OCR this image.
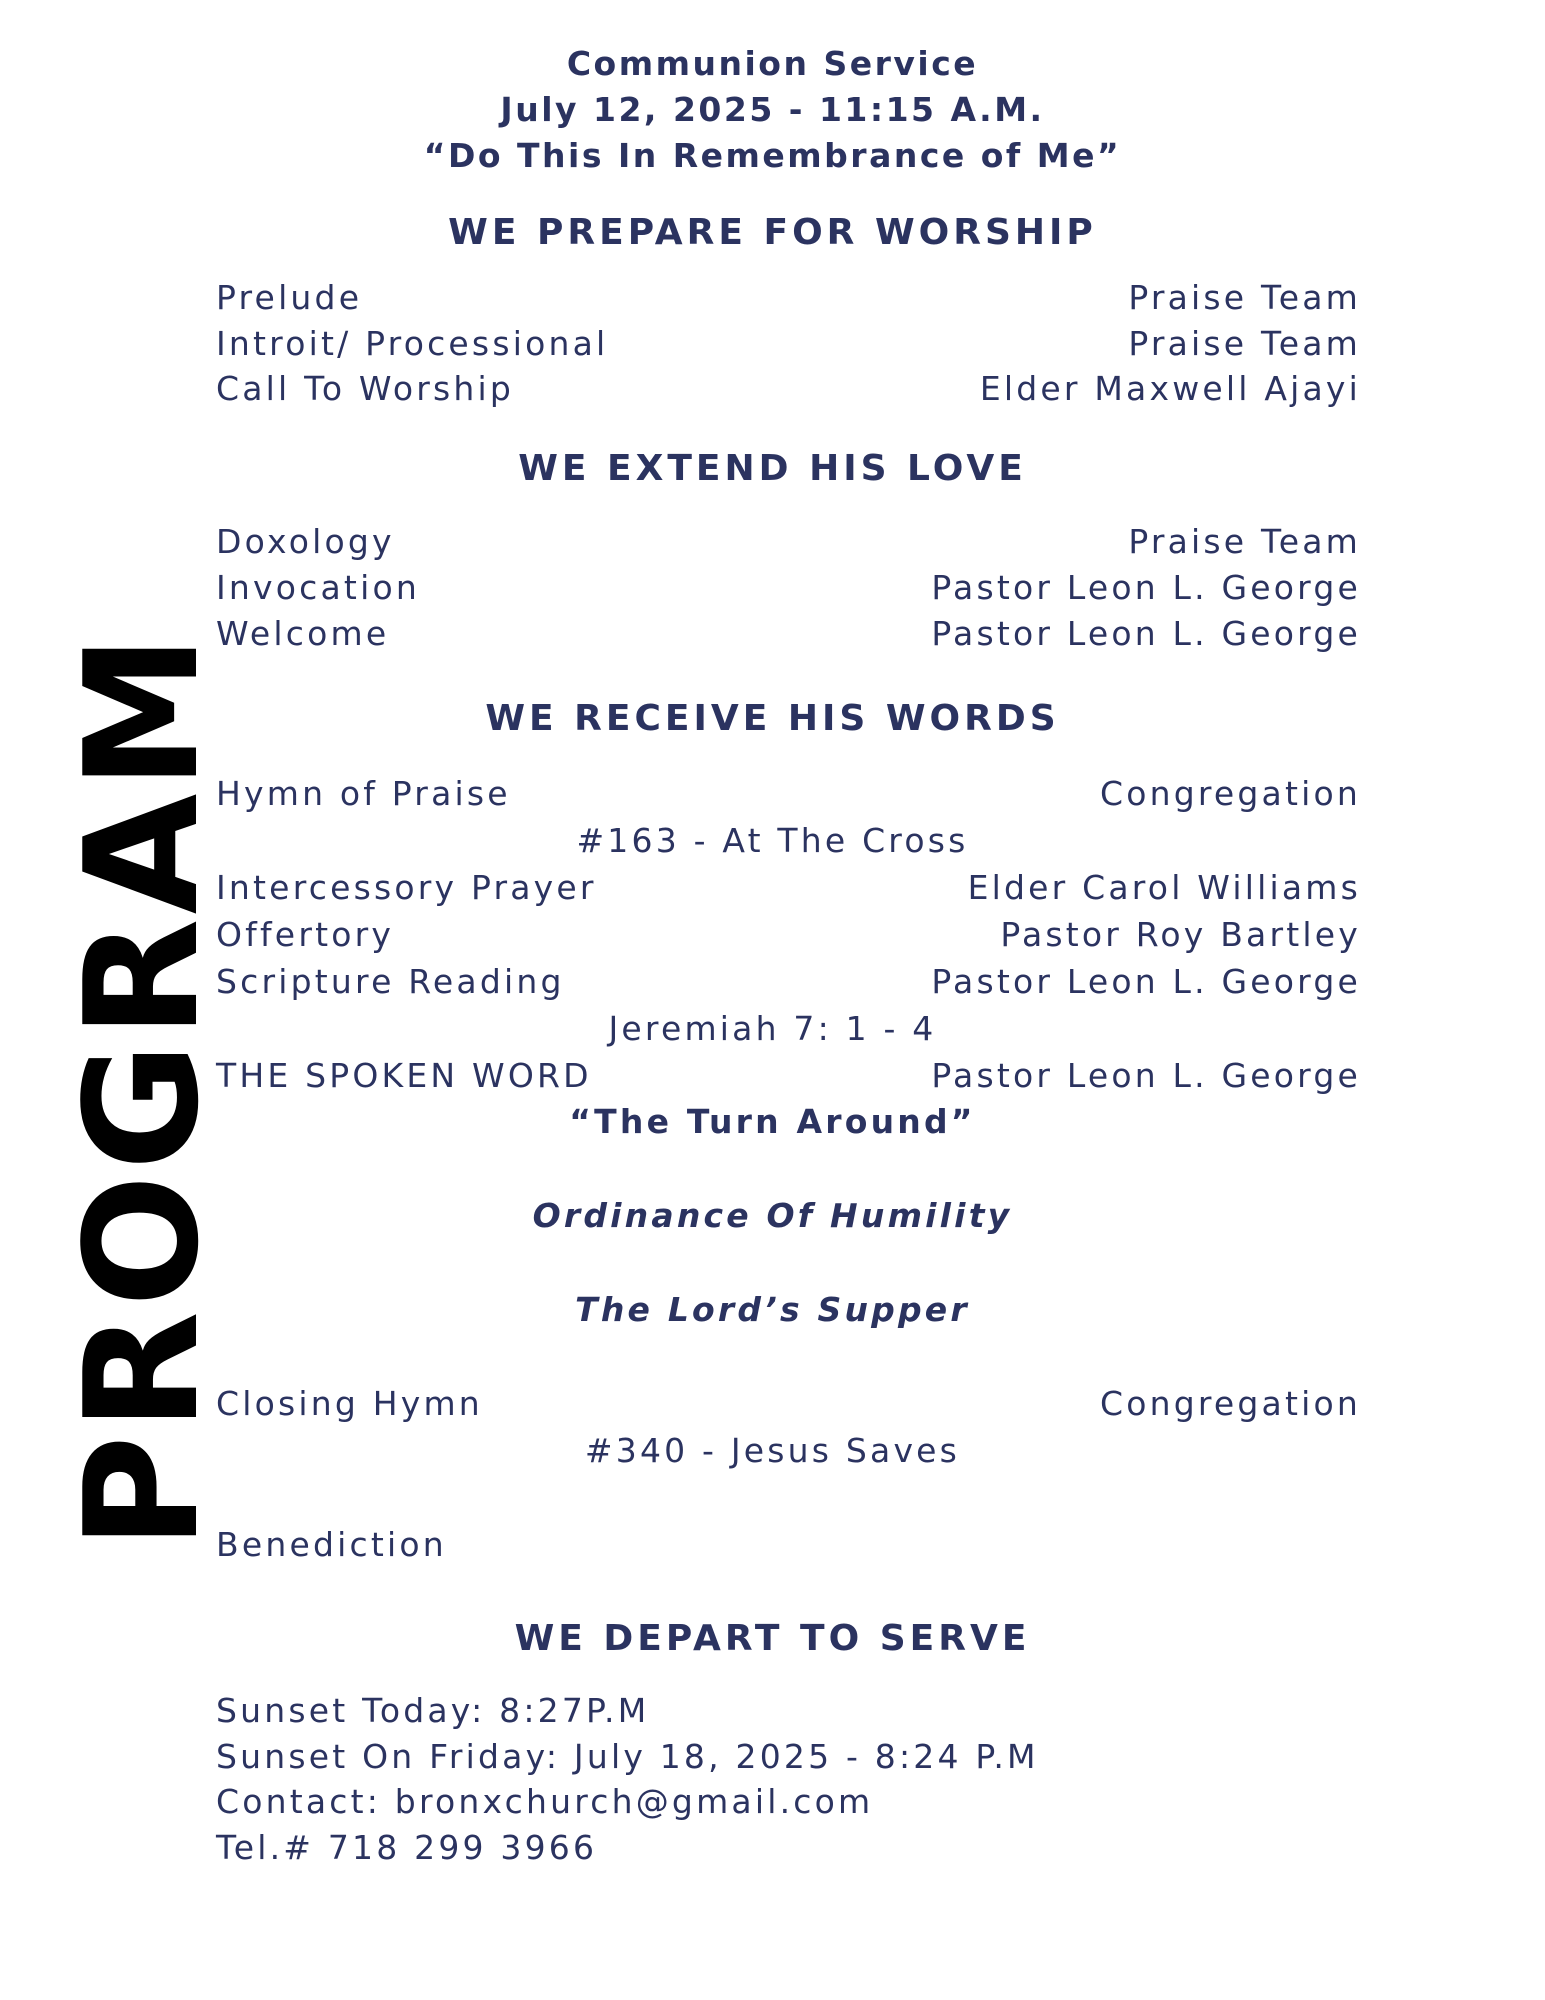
PROGRAM
Communion Service
July 12, 2025 - 11:15 A.M.
“Do This In Remembrance of Me”
WE PREPARE FOR WORSHIP
Prelude	Praise Team
Introit/ Processional	Praise Team
Call To Worship	Elder Maxwell Ajayi
WE EXTEND HIS LOVE
Doxology	Praise Team
Invocation	Pastor Leon L. George
Welcome	Pastor Leon L. George
WE RECEIVE HIS WORDS
Hymn of Praise	Congregation
#163 - At The Cross
Intercessory Prayer	Elder Carol Williams
Offertory	Pastor Roy Bartley
Scripture Reading	Pastor Leon L. George
Jeremiah 7: 1 - 4
THE SPOKEN WORD	Pastor Leon L. George
“The Turn Around”
Ordinance Of Humility
The Lord’s Supper
Closing Hymn	Congregation
#340 - Jesus Saves
Benediction
WE DEPART TO SERVE
Sunset Today: 8:27P.M
Sunset On Friday: July 18, 2025 - 8:24 P.M
Contact: bronxchurch@gmail.com
Tel.# 718 299 3966
